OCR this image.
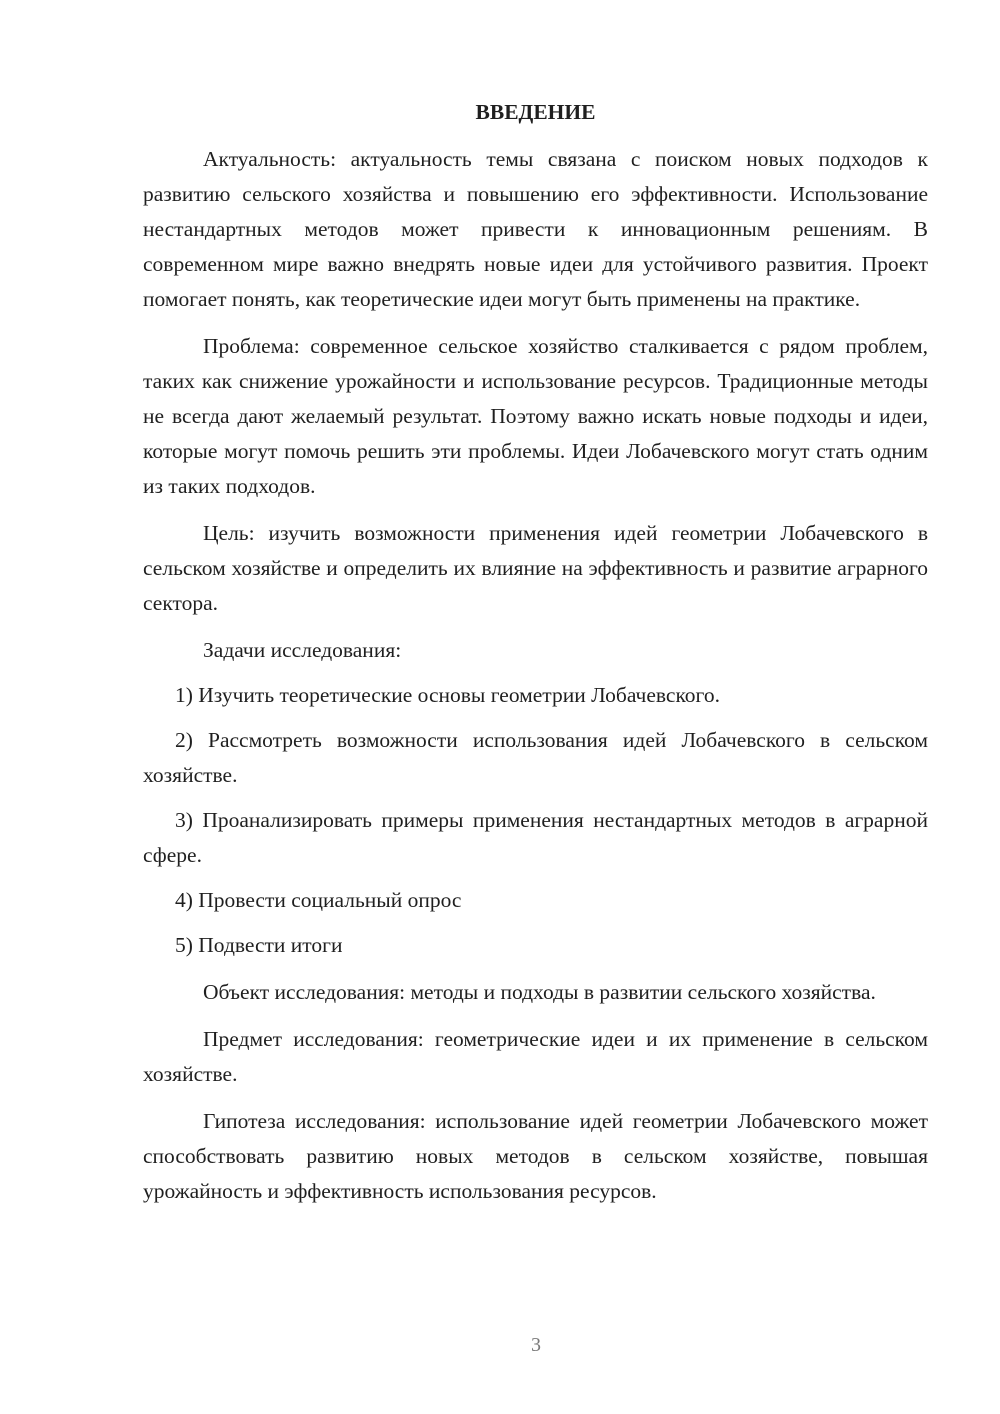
ВВЕДЕНИЕ

Актуальность: актуальность темы связана с поиском новых подходов к развитию сельского хозяйства и повышению его эффективности. Использование нестандартных методов может привести к инновационным решениям. В современном мире важно внедрять новые идеи для устойчивого развития. Проект помогает понять, как теоретические идеи могут быть применены на практике.

Проблема: современное сельское хозяйство сталкивается с рядом проблем, таких как снижение урожайности и использование ресурсов. Традиционные методы не всегда дают желаемый результат. Поэтому важно искать новые подходы и идеи, которые могут помочь решить эти проблемы. Идеи Лобачевского могут стать одним из таких подходов.

Цель: изучить возможности применения идей геометрии Лобачевского в сельском хозяйстве и определить их влияние на эффективность и развитие аграрного сектора.

Задачи исследования:

1) Изучить теоретические основы геометрии Лобачевского.

2) Рассмотреть возможности использования идей Лобачевского в сельском хозяйстве.

3) Проанализировать примеры применения нестандартных методов в аграрной сфере.

4) Провести социальный опрос

5) Подвести итоги

Объект исследования: методы и подходы в развитии сельского хозяйства.

Предмет исследования: геометрические идеи и их применение в сельском хозяйстве.

Гипотеза исследования: использование идей геометрии Лобачевского может способствовать развитию новых методов в сельском хозяйстве, повышая урожайность и эффективность использования ресурсов.

3
